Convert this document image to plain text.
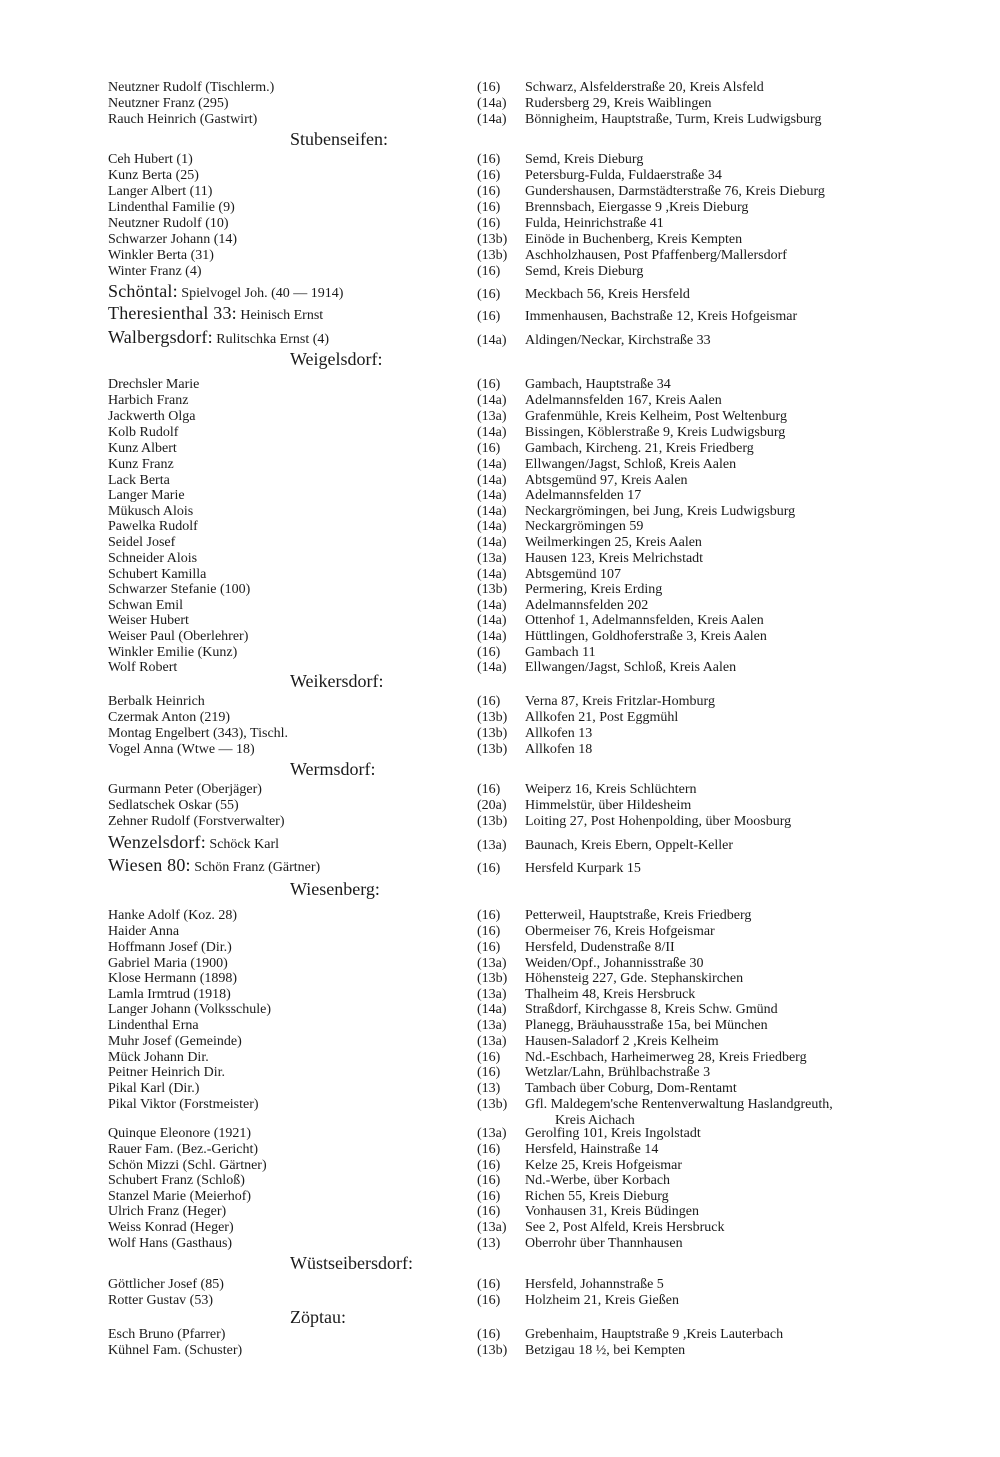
Neutzner Rudolf (Tischlerm.)	(16) Schwarz, Alsfelderstraße 20, Kreis Alsfeld
Neutzner Franz (295)	(14a) Rudersberg 29, Kreis Waiblingen
Rauch Heinrich (Gastwirt)	(14a) Bönnigheim, Hauptstraße, Turm, Kreis Ludwigsburg
Stubenseifen:
Ceh Hubert (1)	(16) Semd, Kreis Dieburg
Kunz Berta (25)	(16) Petersburg-Fulda, Fuldaerstraße 34
Langer Albert (11)	(16) Gundershausen, Darmstädterstraße 76, Kreis Dieburg
Lindenthal Familie (9)	(16) Brennsbach, Eiergasse 9 ,Kreis Dieburg
Neutzner Rudolf (10)	(16) Fulda, Heinrichstraße 41
Schwarzer Johann (14)	(13b) Einöde in Buchenberg, Kreis Kempten
Winkler Berta (31)	(13b) Aschholzhausen, Post Pfaffenberg/Mallersdorf
Winter Franz (4)	(16) Semd, Kreis Dieburg
Schöntal: Spielvogel Joh. (40 — 1914)	(16) Meckbach 56, Kreis Hersfeld
Theresienthal 33: Heinisch Ernst	(16) Immenhausen, Bachstraße 12, Kreis Hofgeismar
Walbergsdorf: Rulitschka Ernst (4)	(14a) Aldingen/Neckar, Kirchstraße 33
Weigelsdorf:
Drechsler Marie	(16) Gambach, Hauptstraße 34
Harbich Franz	(14a) Adelmannsfelden 167, Kreis Aalen
Jackwerth Olga	(13a) Grafenmühle, Kreis Kelheim, Post Weltenburg
Kolb Rudolf	(14a) Bissingen, Köblerstraße 9, Kreis Ludwigsburg
Kunz Albert	(16) Gambach, Kircheng. 21, Kreis Friedberg
Kunz Franz	(14a) Ellwangen/Jagst, Schloß, Kreis Aalen
Lack Berta	(14a) Abtsgemünd 97, Kreis Aalen
Langer Marie	(14a) Adelmannsfelden 17
Mükusch Alois	(14a) Neckargrömingen, bei Jung, Kreis Ludwigsburg
Pawelka Rudolf	(14a) Neckargrömingen 59
Seidel Josef	(14a) Weilmerkingen 25, Kreis Aalen
Schneider Alois	(13a) Hausen 123, Kreis Melrichstadt
Schubert Kamilla	(14a) Abtsgemünd 107
Schwarzer Stefanie (100)	(13b) Permering, Kreis Erding
Schwan Emil	(14a) Adelmannsfelden 202
Weiser Hubert	(14a) Ottenhof 1, Adelmannsfelden, Kreis Aalen
Weiser Paul (Oberlehrer)	(14a) Hüttlingen, Goldhoferstraße 3, Kreis Aalen
Winkler Emilie (Kunz)	(16) Gambach 11
Wolf Robert	(14a) Ellwangen/Jagst, Schloß, Kreis Aalen
Weikersdorf:
Berbalk Heinrich	(16) Verna 87, Kreis Fritzlar-Homburg
Czermak Anton (219)	(13b) Allkofen 21, Post Eggmühl
Montag Engelbert (343), Tischl.	(13b) Allkofen 13
Vogel Anna (Wtwe — 18)	(13b) Allkofen 18
Wermsdorf:
Gurmann Peter (Oberjäger)	(16) Weiperz 16, Kreis Schlüchtern
Sedlatschek Oskar (55)	(20a) Himmelstür, über Hildesheim
Zehner Rudolf (Forstverwalter)	(13b) Loiting 27, Post Hohenpolding, über Moosburg
Wenzelsdorf: Schöck Karl	(13a) Baunach, Kreis Ebern, Oppelt-Keller
Wiesen 80: Schön Franz (Gärtner)	(16) Hersfeld Kurpark 15
Wiesenberg:
Hanke Adolf (Koz. 28)	(16) Petterweil, Hauptstraße, Kreis Friedberg
Haider Anna	(16) Obermeiser 76, Kreis Hofgeismar
Hoffmann Josef (Dir.)	(16) Hersfeld, Dudenstraße 8/II
Gabriel Maria (1900)	(13a) Weiden/Opf., Johannisstraße 30
Klose Hermann (1898)	(13b) Höhensteig 227, Gde. Stephanskirchen
Lamla Irmtrud (1918)	(13a) Thalheim 48, Kreis Hersbruck
Langer Johann (Volksschule)	(14a) Straßdorf, Kirchgasse 8, Kreis Schw. Gmünd
Lindenthal Erna	(13a) Planegg, Bräuhausstraße 15a, bei München
Muhr Josef (Gemeinde)	(13a) Hausen-Saladorf 2 ,Kreis Kelheim
Mück Johann Dir.	(16) Nd.-Eschbach, Harheimerweg 28, Kreis Friedberg
Peitner Heinrich Dir.	(16) Wetzlar/Lahn, Brühlbachstraße 3
Pikal Karl (Dir.)	(13) Tambach über Coburg, Dom-Rentamt
Pikal Viktor (Forstmeister)	(13b) Gfl. Maldegem'sche Rentenverwaltung Haslandgreuth,
Kreis Aichach
Quinque Eleonore (1921)	(13a) Gerolfing 101, Kreis Ingolstadt
Rauer Fam. (Bez.-Gericht)	(16) Hersfeld, Hainstraße 14
Schön Mizzi (Schl. Gärtner)	(16) Kelze 25, Kreis Hofgeismar
Schubert Franz (Schloß)	(16) Nd.-Werbe, über Korbach
Stanzel Marie (Meierhof)	(16) Richen 55, Kreis Dieburg
Ulrich Franz (Heger)	(16) Vonhausen 31, Kreis Büdingen
Weiss Konrad (Heger)	(13a) See 2, Post Alfeld, Kreis Hersbruck
Wolf Hans (Gasthaus)	(13) Oberrohr über Thannhausen
Wüstseibersdorf:
Göttlicher Josef (85)	(16) Hersfeld, Johannstraße 5
Rotter Gustav (53)	(16) Holzheim 21, Kreis Gießen
Zöptau:
Esch Bruno (Pfarrer)	(16) Grebenhaim, Hauptstraße 9 ,Kreis Lauterbach
Kühnel Fam. (Schuster)	(13b) Betzigau 18 ½, bei Kempten
